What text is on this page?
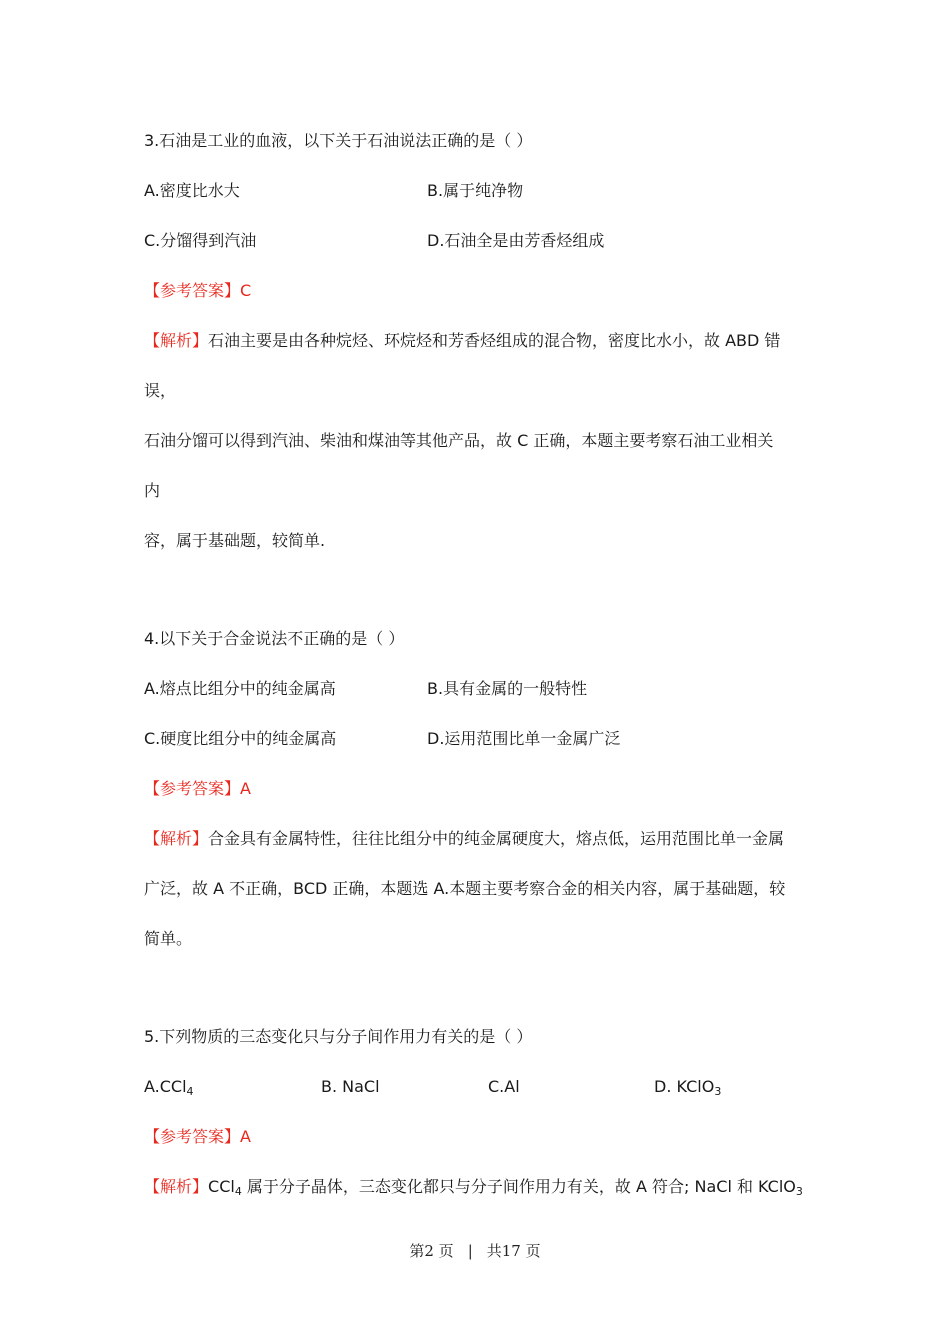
3.石油是工业的血液，以下关于石油说法正确的是（ ）
A.密度比水大	B.属于纯净物
C.分馏得到汽油	D.石油全是由芳香烃组成
【参考答案】C
【解析】石油主要是由各种烷烃、环烷烃和芳香烃组成的混合物，密度比水小，故 ABD 错
误，
石油分馏可以得到汽油、柴油和煤油等其他产品，故 C 正确，本题主要考察石油工业相关
内
容，属于基础题，较简单.
4.以下关于合金说法不正确的是（ ）
A.熔点比组分中的纯金属高	B.具有金属的一般特性
C.硬度比组分中的纯金属高	D.运用范围比单一金属广泛
【参考答案】A
【解析】合金具有金属特性，往往比组分中的纯金属硬度大，熔点低，运用范围比单一金属
广泛，故 A 不正确，BCD 正确，本题选 A.本题主要考察合金的相关内容，属于基础题，较
简单。
5.下列物质的三态变化只与分子间作用力有关的是（ ）
A.CCl$_4$	B. NaCl	C.Al	D. KClO$_3$
【参考答案】A
【解析】CCl$_4$ 属于分子晶体，三态变化都只与分子间作用力有关，故 A 符合; NaCl 和 KClO$_3$
第2 页 | 共17 页
